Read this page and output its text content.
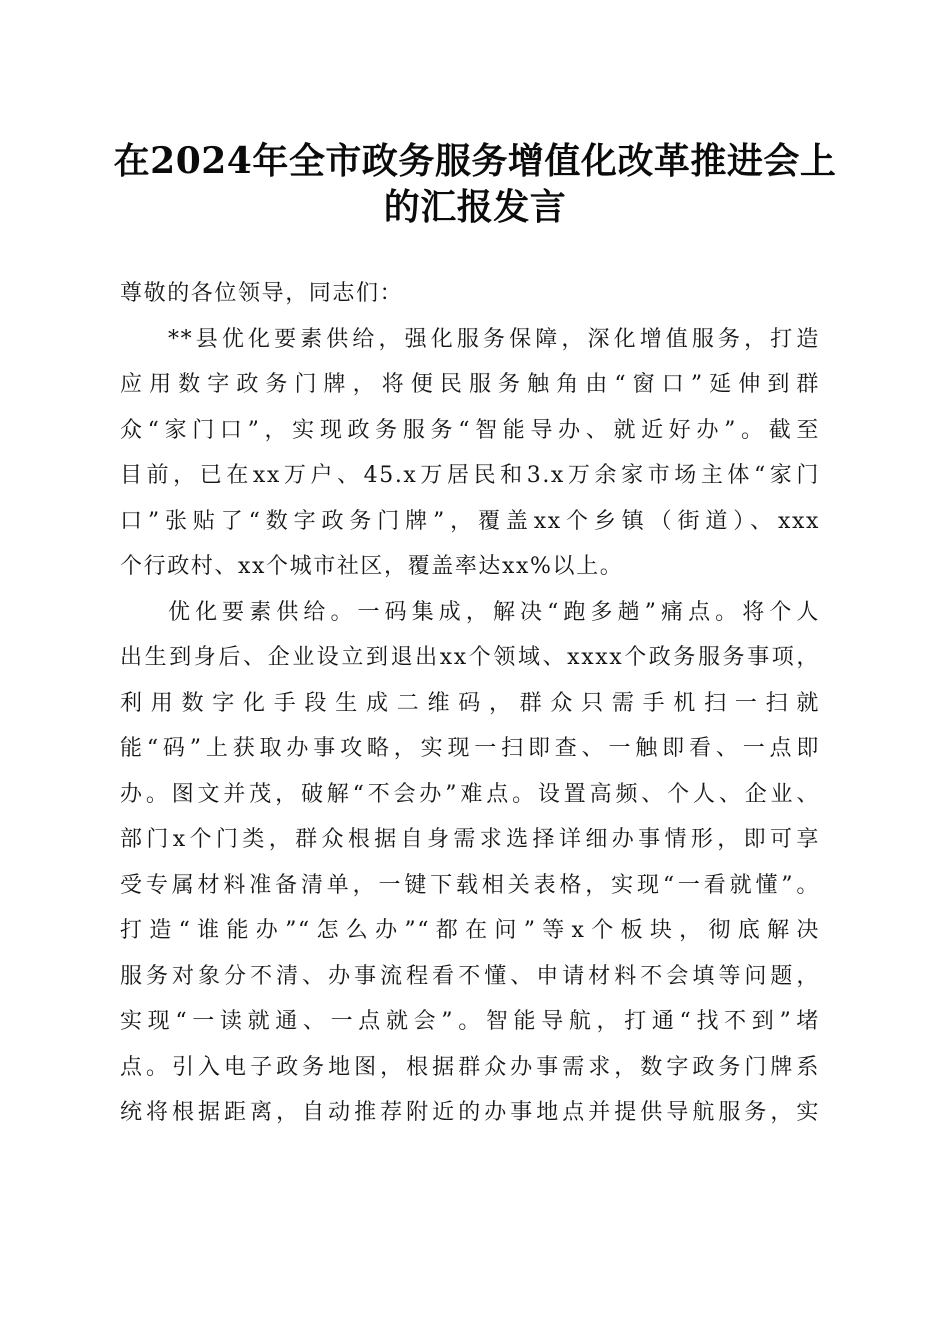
在2024年全市政务服务增值化改革推进会上
的汇报发言
尊敬的各位领导，同志们：
**县优化要素供给，强化服务保障，深化增值服务，打造
应用数字政务门牌，将便民服务触角由“窗口”延伸到群
众“家门口”，实现政务服务“智能导办、就近好办”。截至
目前，已在xx万户、45.x万居民和3.x万余家市场主体“家门
口”张贴了“数字政务门牌”，覆盖xx个乡镇（街道）、xxx
个行政村、xx个城市社区，覆盖率达xx%以上。
优化要素供给。一码集成，解决“跑多趟”痛点。将个人
出生到身后、企业设立到退出xx个领域、xxxx个政务服务事项，
利用数字化手段生成二维码，群众只需手机扫一扫就
能“码”上获取办事攻略，实现一扫即查、一触即看、一点即
办。图文并茂，破解“不会办”难点。设置高频、个人、企业、
部门x个门类，群众根据自身需求选择详细办事情形，即可享
受专属材料准备清单，一键下载相关表格，实现“一看就懂”。
打造“谁能办”“怎么办”“都在问”等x个板块，彻底解决
服务对象分不清、办事流程看不懂、申请材料不会填等问题，
实现“一读就通、一点就会”。智能导航，打通“找不到”堵
点。引入电子政务地图，根据群众办事需求，数字政务门牌系
统将根据距离，自动推荐附近的办事地点并提供导航服务，实
